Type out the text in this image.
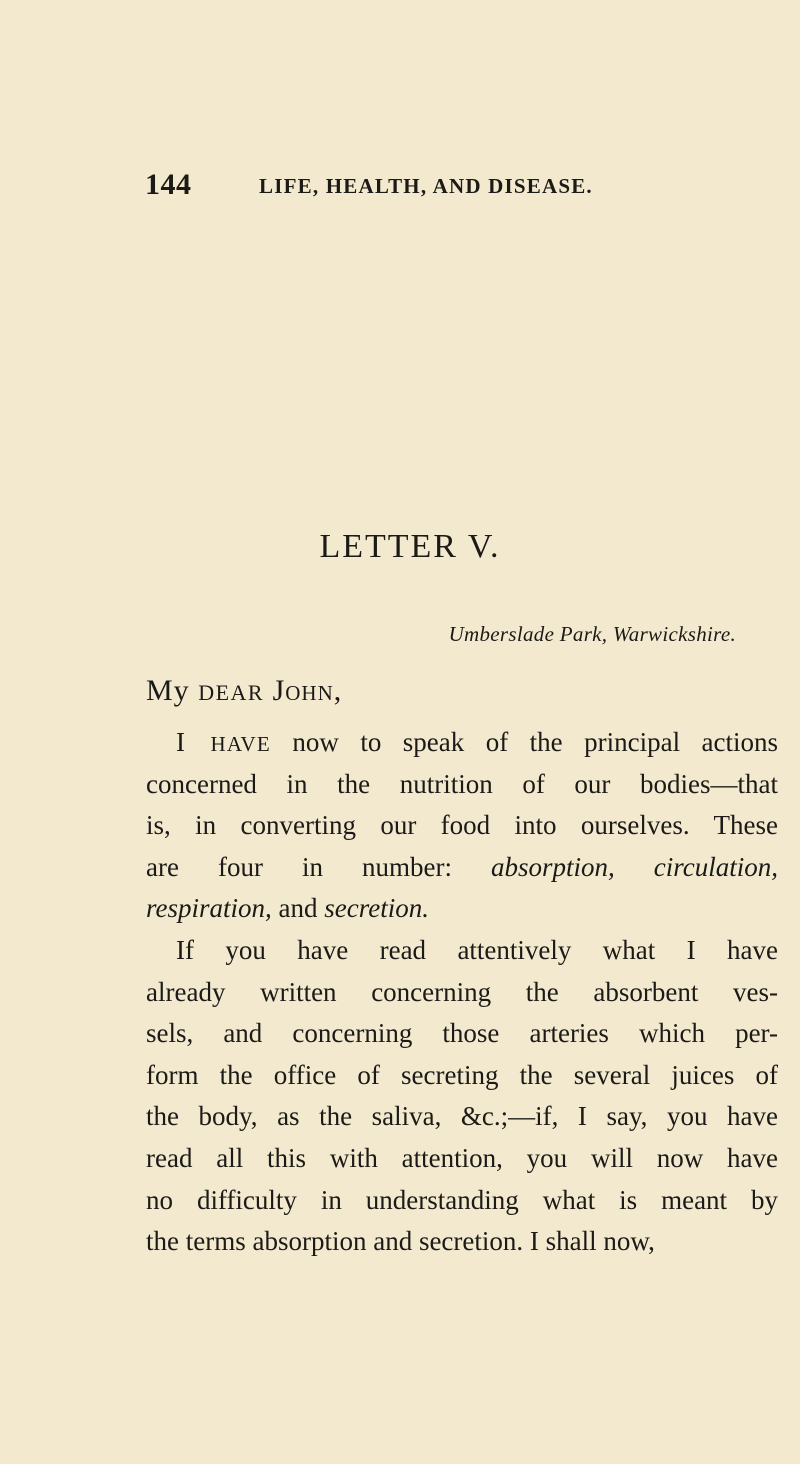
144	LIFE, HEALTH, AND DISEASE.
LETTER V.
Umberslade Park, Warwickshire.
My DEAR John,
I HAVE now to speak of the principal actions
concerned in the nutrition of our bodies—that
is, in converting our food into ourselves. These
are four in number: absorption, circulation,
respiration, and secretion.
If you have read attentively what I have
already written concerning the absorbent ves-
sels, and concerning those arteries which per-
form the office of secreting the several juices of
the body, as the saliva, &c.;—if, I say, you have
read all this with attention, you will now have
no difficulty in understanding what is meant by
the terms absorption and secretion. I shall now,
